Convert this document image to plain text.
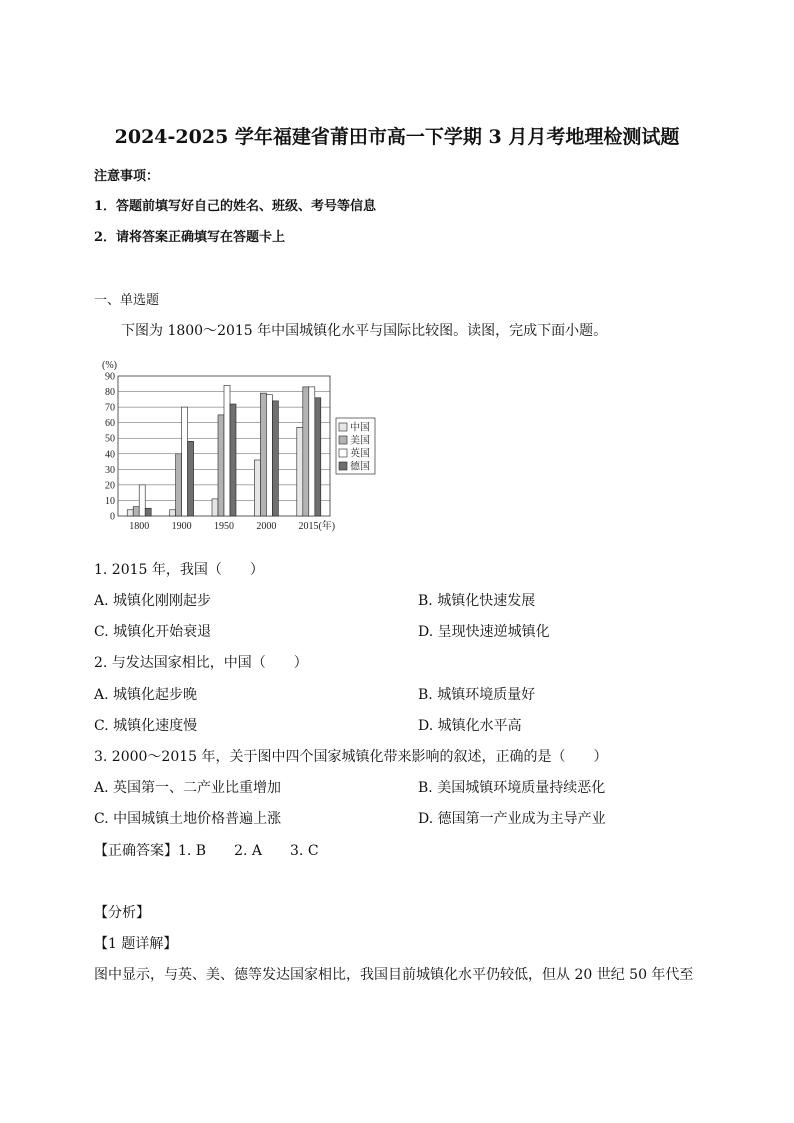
2024-2025 学年福建省莆田市高一下学期 3 月月考地理检测试题
注意事项：
1．答题前填写好自己的姓名、班级、考号等信息
2．请将答案正确填写在答题卡上
一、单选题
下图为 1800～2015 年中国城镇化水平与国际比较图。读图，完成下面小题。
(%)
0
10
20
30
40
50
60
70
80
90
1800 1900 1950 2000 2015(年)
中国
美国
英国
德国
1. 2015 年，我国（　　）
A. 城镇化刚刚起步	B. 城镇化快速发展
C. 城镇化开始衰退	D. 呈现快速逆城镇化
2. 与发达国家相比，中国（　　）
A. 城镇化起步晚	B. 城镇环境质量好
C. 城镇化速度慢	D. 城镇化水平高
3. 2000～2015 年，关于图中四个国家城镇化带来影响的叙述，正确的是（　　）
A. 英国第一、二产业比重增加	B. 美国城镇环境质量持续恶化
C. 中国城镇土地价格普遍上涨	D. 德国第一产业成为主导产业
【正确答案】1. B　　2. A　　3. C
【分析】
【1 题详解】
图中显示，与英、美、德等发达国家相比，我国目前城镇化水平仍较低，但从 20 世纪 50 年代至
